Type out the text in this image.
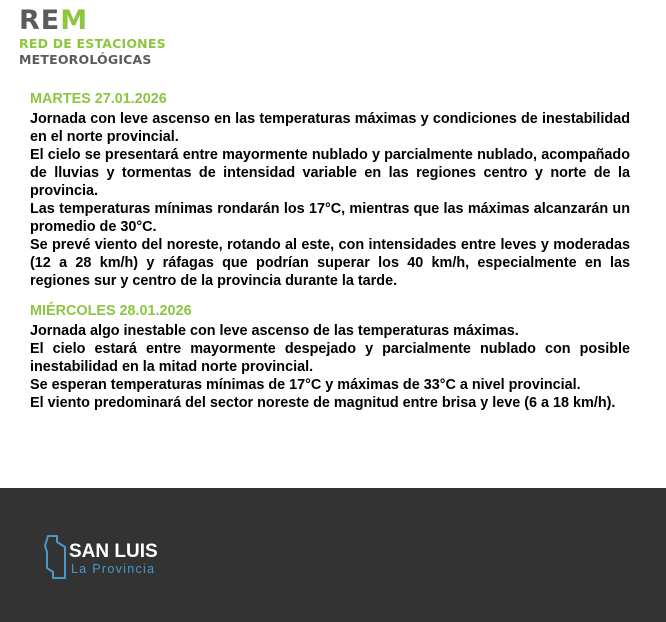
REM
RED DE ESTACIONES
METEOROLÓGICAS
MARTES 27.01.2026
Jornada con leve ascenso en las temperaturas máximas y condiciones de inestabilidad en el norte provincial.
El cielo se presentará entre mayormente nublado y parcialmente nublado, acompañado de lluvias y tormentas de intensidad variable en las regiones centro y norte de la provincia.
Las temperaturas mínimas rondarán los 17°C, mientras que las máximas alcanzarán un promedio de 30°C.
Se prevé viento del noreste, rotando al este, con intensidades entre leves y moderadas (12 a 28 km/h) y ráfagas que podrían superar los 40 km/h, especialmente en las regiones sur y centro de la provincia durante la tarde.
MIÉRCOLES 28.01.2026
Jornada algo inestable con leve ascenso de las temperaturas máximas.
El cielo estará entre mayormente despejado y parcialmente nublado con posible inestabilidad en la mitad norte provincial.
Se esperan temperaturas mínimas de 17°C y máximas de 33°C a nivel provincial.
El viento predominará del sector noreste de magnitud entre brisa y leve (6 a 18 km/h).
SAN LUIS
La Provincia
